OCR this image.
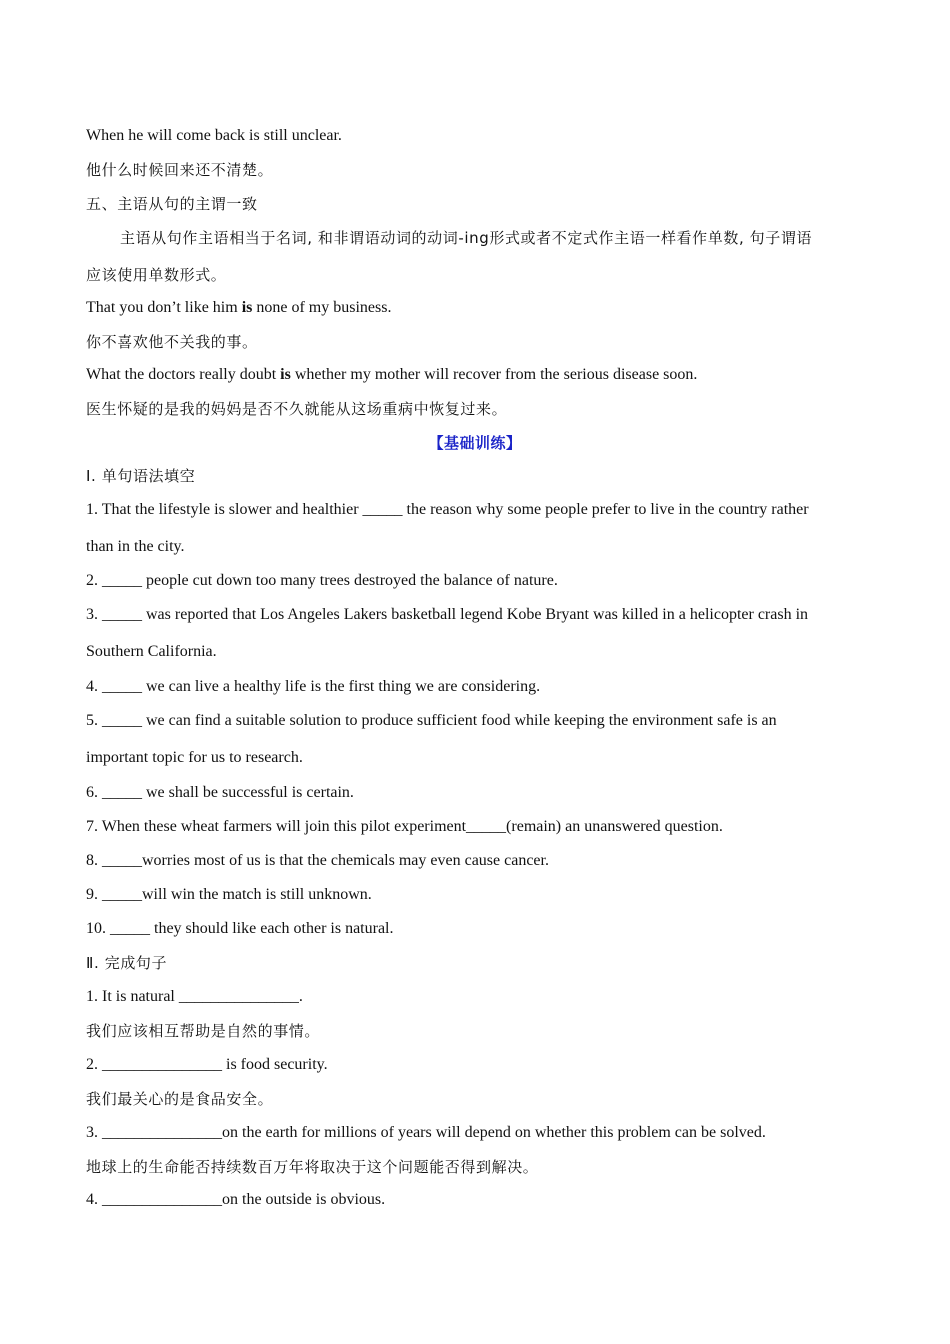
When he will come back is still unclear.
他什么时候回来还不清楚。
五、主语从句的主谓一致
主语从句作主语相当于名词, 和非谓语动词的动词-ing形式或者不定式作主语一样看作单数, 句子谓语
应该使用单数形式。
That you don’t like him is none of my business.
你不喜欢他不关我的事。
What the doctors really doubt is whether my mother will recover from the serious disease soon.
医生怀疑的是我的妈妈是否不久就能从这场重病中恢复过来。
【基础训练】
I. 单句语法填空
1. That the lifestyle is slower and healthier _____ the reason why some people prefer to live in the country rather
than in the city.
2. _____ people cut down too many trees destroyed the balance of nature.
3. _____ was reported that Los Angeles Lakers basketball legend Kobe Bryant was killed in a helicopter crash in
Southern California.
4. _____ we can live a healthy life is the first thing we are considering.
5. _____ we can find a suitable solution to produce sufficient food while keeping the environment safe is an
important topic for us to research.
6. _____ we shall be successful is certain.
7. When these wheat farmers will join this pilot experiment_____(remain) an unanswered question.
8. _____worries most of us is that the chemicals may even cause cancer.
9. _____will win the match is still unknown.
10. _____ they should like each other is natural.
Ⅱ. 完成句子
1. It is natural _______________.
我们应该相互帮助是自然的事情。
2. _______________ is food security.
我们最关心的是食品安全。
3. _______________on the earth for millions of years will depend on whether this problem can be solved.
地球上的生命能否持续数百万年将取决于这个问题能否得到解决。
4. _______________on the outside is obvious.
